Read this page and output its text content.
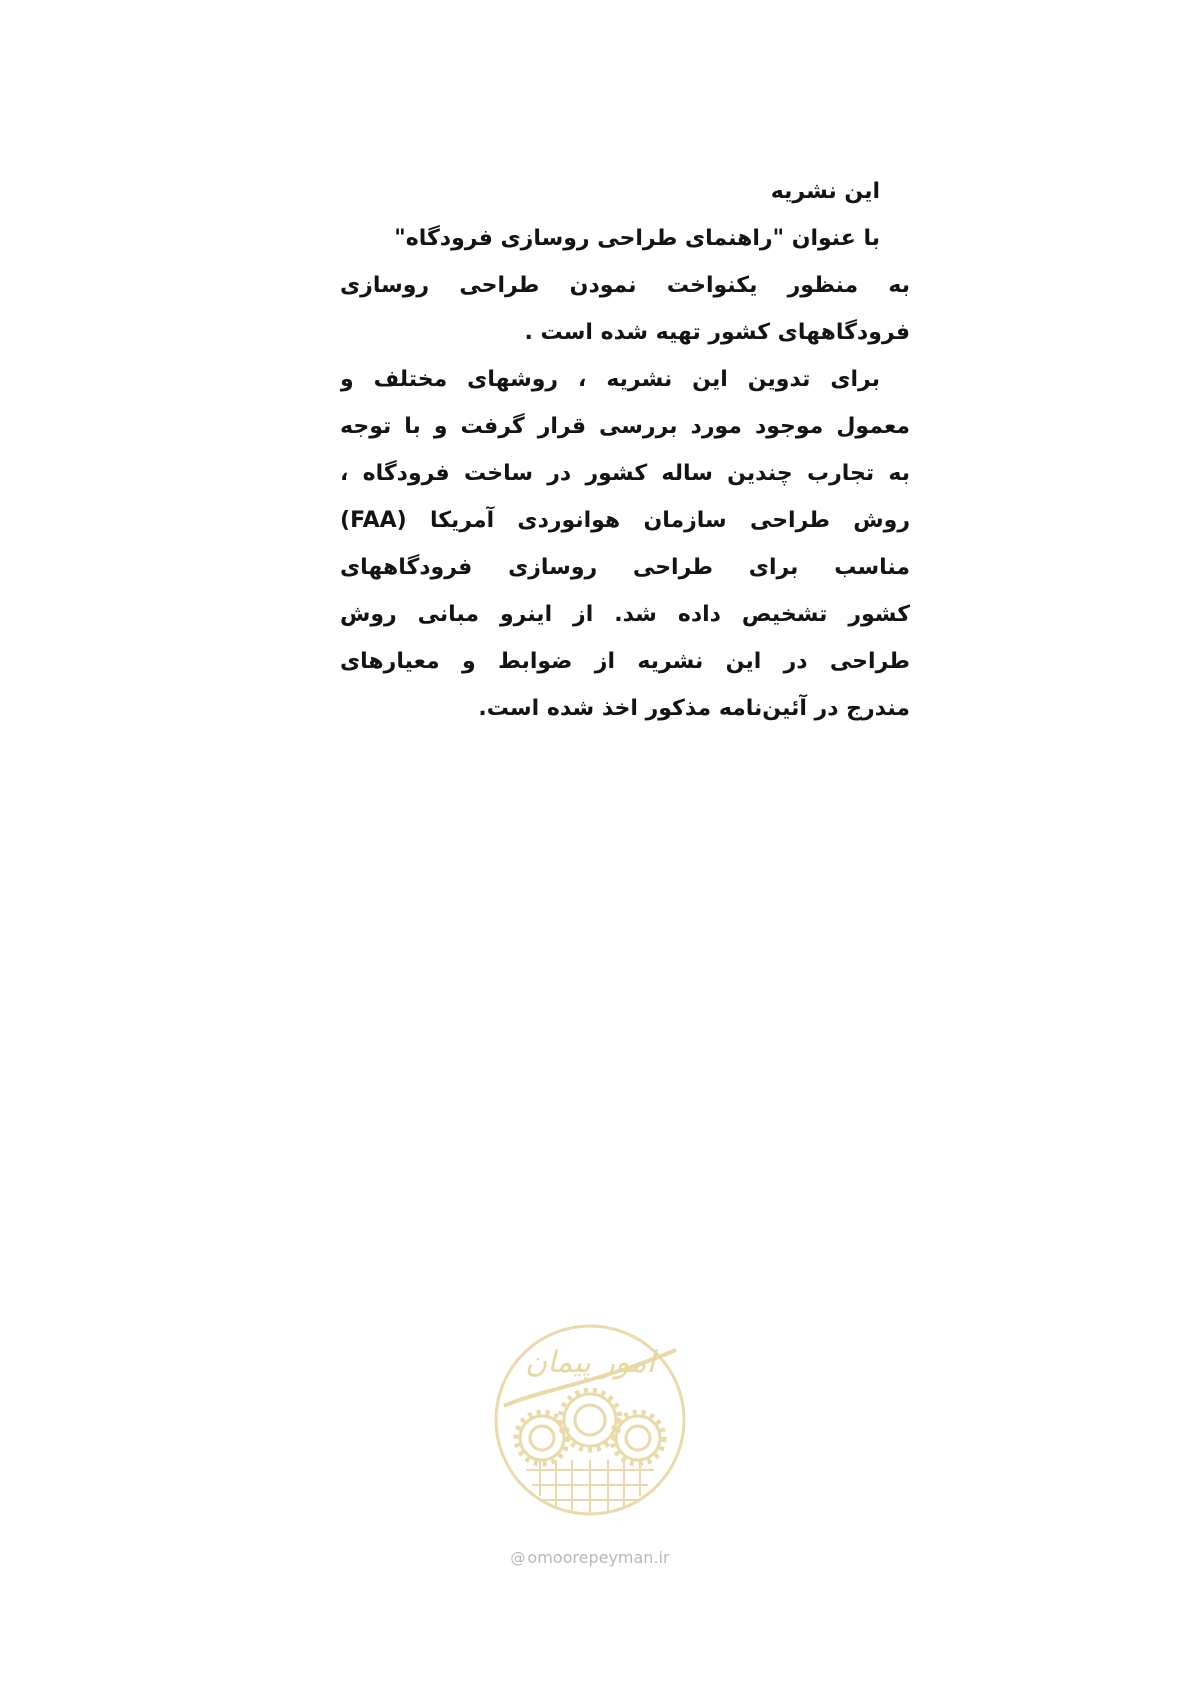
این نشریه
با عنوان "راهنمای طراحی روسازی فرودگاه"
به منظور یکنواخت نمودن طراحی روسازی
فرودگاههای کشور تهیه شده است .
برای تدوین این نشریه ، روشهای مختلف و
معمول موجود مورد بررسی قرار گرفت و با توجه
به تجارب چندین ساله کشور در ساخت فرودگاه ،
روش طراحی سازمان هوانوردی آمریکا (FAA)
مناسب برای طراحی روسازی فرودگاههای
کشور تشخیص داده شد. از اینرو مبانی روش
طراحی در این نشریه از ضوابط و معیارهای
مندرج در آئین‌نامه مذکور اخذ شده است.
امور پیمان
@ omoorepeyman.ir
